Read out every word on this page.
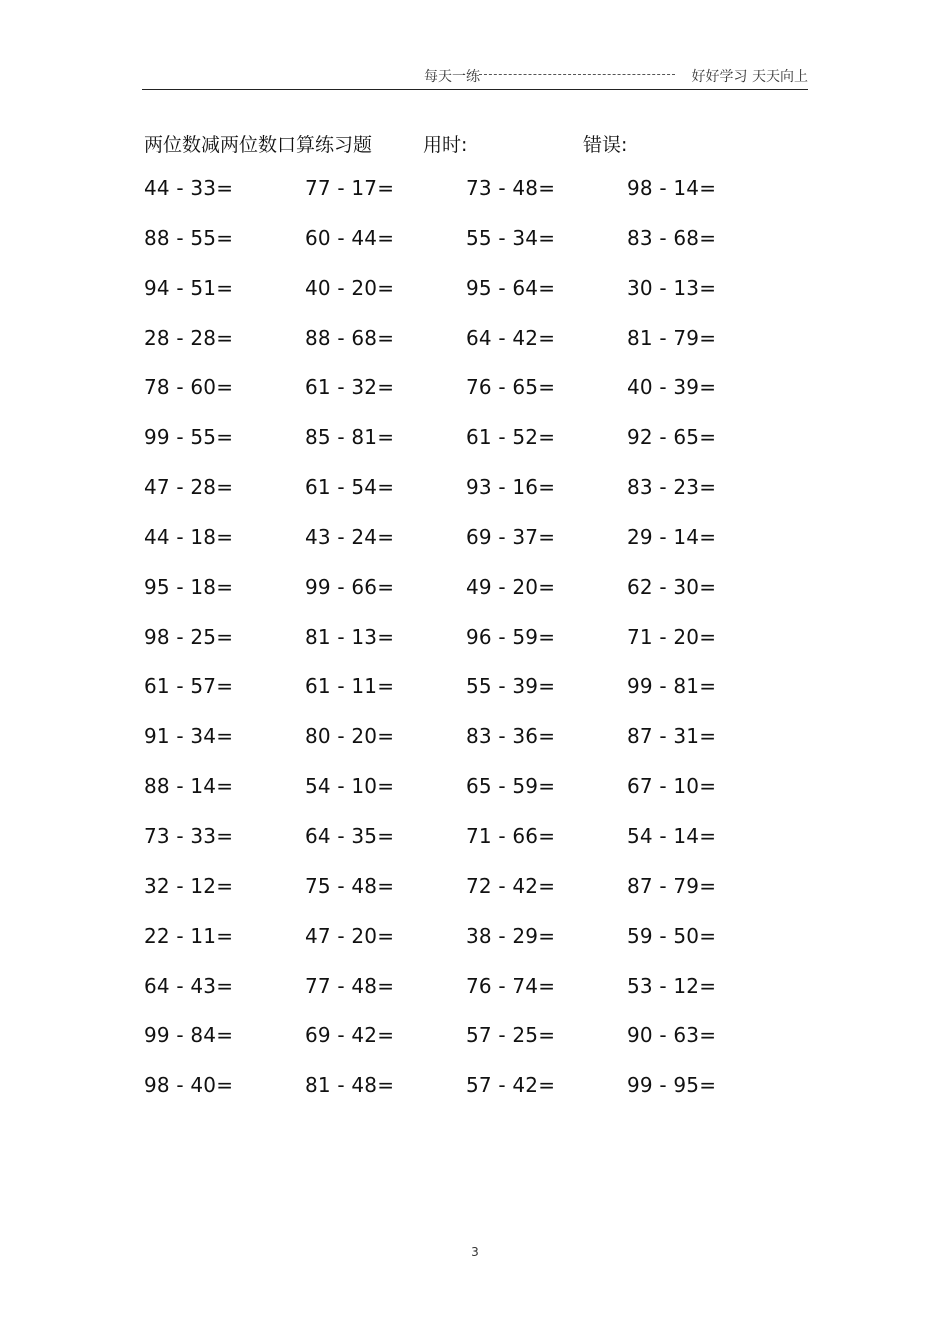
每天一练	好好学习 天天向上
两位数减两位数口算练习题	用时:	错误:
44 - 33=	77 - 17=	73 - 48=	98 - 14=
88 - 55=	60 - 44=	55 - 34=	83 - 68=
94 - 51=	40 - 20=	95 - 64=	30 - 13=
28 - 28=	88 - 68=	64 - 42=	81 - 79=
78 - 60=	61 - 32=	76 - 65=	40 - 39=
99 - 55=	85 - 81=	61 - 52=	92 - 65=
47 - 28=	61 - 54=	93 - 16=	83 - 23=
44 - 18=	43 - 24=	69 - 37=	29 - 14=
95 - 18=	99 - 66=	49 - 20=	62 - 30=
98 - 25=	81 - 13=	96 - 59=	71 - 20=
61 - 57=	61 - 11=	55 - 39=	99 - 81=
91 - 34=	80 - 20=	83 - 36=	87 - 31=
88 - 14=	54 - 10=	65 - 59=	67 - 10=
73 - 33=	64 - 35=	71 - 66=	54 - 14=
32 - 12=	75 - 48=	72 - 42=	87 - 79=
22 - 11=	47 - 20=	38 - 29=	59 - 50=
64 - 43=	77 - 48=	76 - 74=	53 - 12=
99 - 84=	69 - 42=	57 - 25=	90 - 63=
98 - 40=	81 - 48=	57 - 42=	99 - 95=
3
